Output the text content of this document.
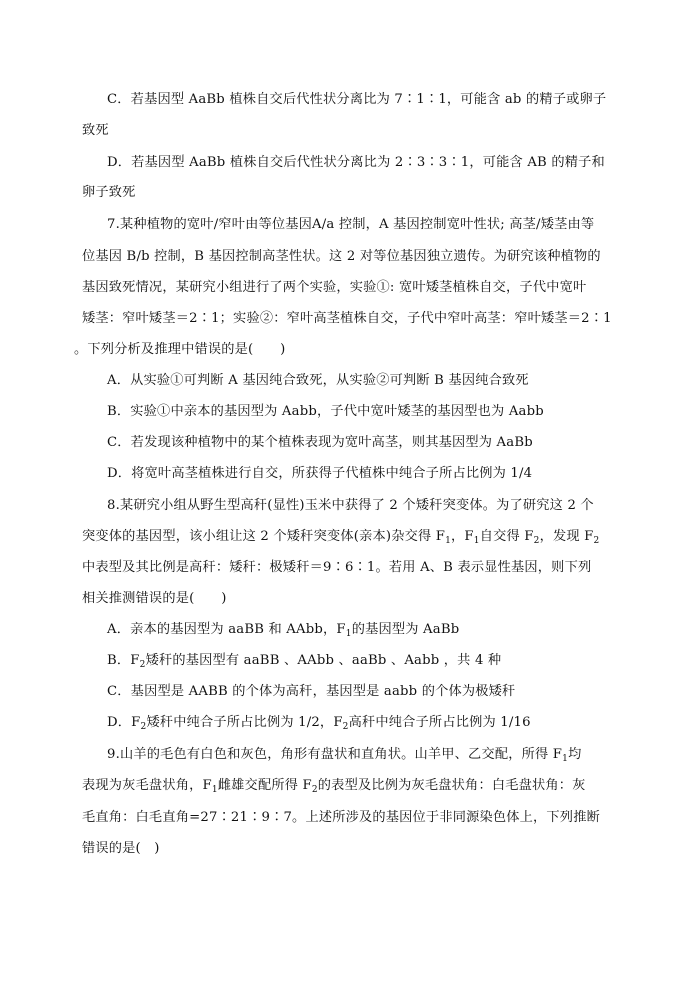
C．若基因型 AaBb 植株自交后代性状分离比为 7∶1∶1，可能含 ab 的精子或卵子
致死
D．若基因型 AaBb 植株自交后代性状分离比为 2∶3∶3∶1，可能含 AB 的精子和
卵子致死
7.某种植物的宽叶/窄叶由等位基因A/a 控制，A 基因控制宽叶性状; 高茎/矮茎由等
位基因 B/b 控制，B 基因控制高茎性状。这 2 对等位基因独立遗传。为研究该种植物的
基因致死情况，某研究小组进行了两个实验，实验①: 宽叶矮茎植株自交，子代中宽叶
矮茎：窄叶矮茎＝2∶1；实验②：窄叶高茎植株自交，子代中窄叶高茎：窄叶矮茎＝2∶1
。下列分析及推理中错误的是(　　)
A．从实验①可判断 A 基因纯合致死，从实验②可判断 B 基因纯合致死
B．实验①中亲本的基因型为 Aabb，子代中宽叶矮茎的基因型也为 Aabb
C．若发现该种植物中的某个植株表现为宽叶高茎，则其基因型为 AaBb
D．将宽叶高茎植株进行自交，所获得子代植株中纯合子所占比例为 1/4
8.某研究小组从野生型高秆(显性)玉米中获得了 2 个矮秆突变体。为了研究这 2 个
突变体的基因型，该小组让这 2 个矮秆突变体(亲本)杂交得 $F_1$，$F_1$自交得 $F_2$，发现 $F_2$
中表型及其比例是高秆：矮秆：极矮秆＝9∶6∶1。若用 A、B 表示显性基因，则下列
相关推测错误的是(　　)
A．亲本的基因型为 aaBB 和 AAbb，$F_1$的基因型为 AaBb
B．$F_2$矮秆的基因型有 aaBB 、AAbb 、aaBb 、Aabb ，共 4 种
C．基因型是 AABB 的个体为高秆，基因型是 aabb 的个体为极矮秆
D．$F_2$矮秆中纯合子所占比例为 1/2，$F_2$高秆中纯合子所占比例为 1/16
9.山羊的毛色有白色和灰色，角形有盘状和直角状。山羊甲、乙交配，所得 $F_1$均
表现为灰毛盘状角，$F_1$雌雄交配所得 $F_2$的表型及比例为灰毛盘状角：白毛盘状角：灰
毛直角：白毛直角=27∶21∶9∶7。上述所涉及的基因位于非同源染色体上，下列推断
错误的是(　)
